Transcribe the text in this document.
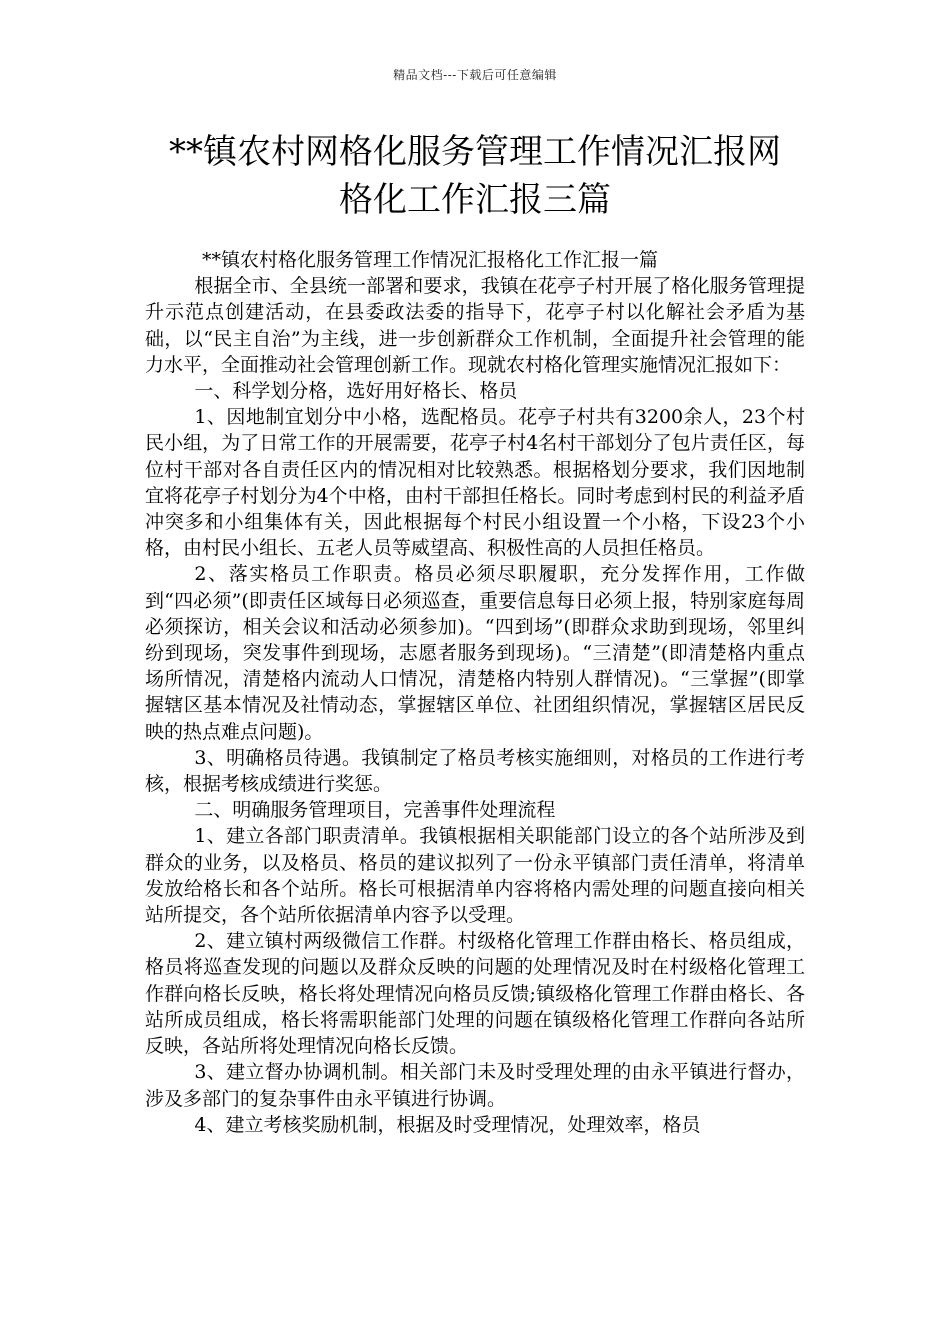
精品文档---下载后可任意编辑
**镇农村网格化服务管理工作情况汇报网
格化工作汇报三篇

**镇农村格化服务管理工作情况汇报格化工作汇报一篇

根据全市、全县统一部署和要求，我镇在花亭子村开展了格化服务管理提升示范点创建活动，在县委政法委的指导下，花亭子村以化解社会矛盾为基础，以“民主自治”为主线，进一步创新群众工作机制，全面提升社会管理的能力水平，全面推动社会管理创新工作。现就农村格化管理实施情况汇报如下：

一、科学划分格，选好用好格长、格员

1、因地制宜划分中小格，选配格员。花亭子村共有3200余人，23个村民小组，为了日常工作的开展需要，花亭子村4名村干部划分了包片责任区，每位村干部对各自责任区内的情况相对比较熟悉。根据格划分要求，我们因地制宜将花亭子村划分为4个中格，由村干部担任格长。同时考虑到村民的利益矛盾冲突多和小组集体有关，因此根据每个村民小组设置一个小格，下设23个小格，由村民小组长、五老人员等威望高、积极性高的人员担任格员。

2、落实格员工作职责。格员必须尽职履职，充分发挥作用，工作做到“四必须”(即责任区域每日必须巡查，重要信息每日必须上报，特别家庭每周必须探访，相关会议和活动必须参加)。“四到场”(即群众求助到现场，邻里纠纷到现场，突发事件到现场，志愿者服务到现场)。“三清楚”(即清楚格内重点场所情况，清楚格内流动人口情况，清楚格内特别人群情况)。“三掌握”(即掌握辖区基本情况及社情动态，掌握辖区单位、社团组织情况，掌握辖区居民反映的热点难点问题)。

3、明确格员待遇。我镇制定了格员考核实施细则，对格员的工作进行考核，根据考核成绩进行奖惩。

二、明确服务管理项目，完善事件处理流程

1、建立各部门职责清单。我镇根据相关职能部门设立的各个站所涉及到群众的业务，以及格员、格员的建议拟列了一份永平镇部门责任清单，将清单发放给格长和各个站所。格长可根据清单内容将格内需处理的问题直接向相关站所提交，各个站所依据清单内容予以受理。

2、建立镇村两级微信工作群。村级格化管理工作群由格长、格员组成，格员将巡查发现的问题以及群众反映的问题的处理情况及时在村级格化管理工作群向格长反映，格长将处理情况向格员反馈;镇级格化管理工作群由格长、各站所成员组成，格长将需职能部门处理的问题在镇级格化管理工作群向各站所反映，各站所将处理情况向格长反馈。

3、建立督办协调机制。相关部门未及时受理处理的由永平镇进行督办，涉及多部门的复杂事件由永平镇进行协调。

4、建立考核奖励机制，根据及时受理情况，处理效率，格员
